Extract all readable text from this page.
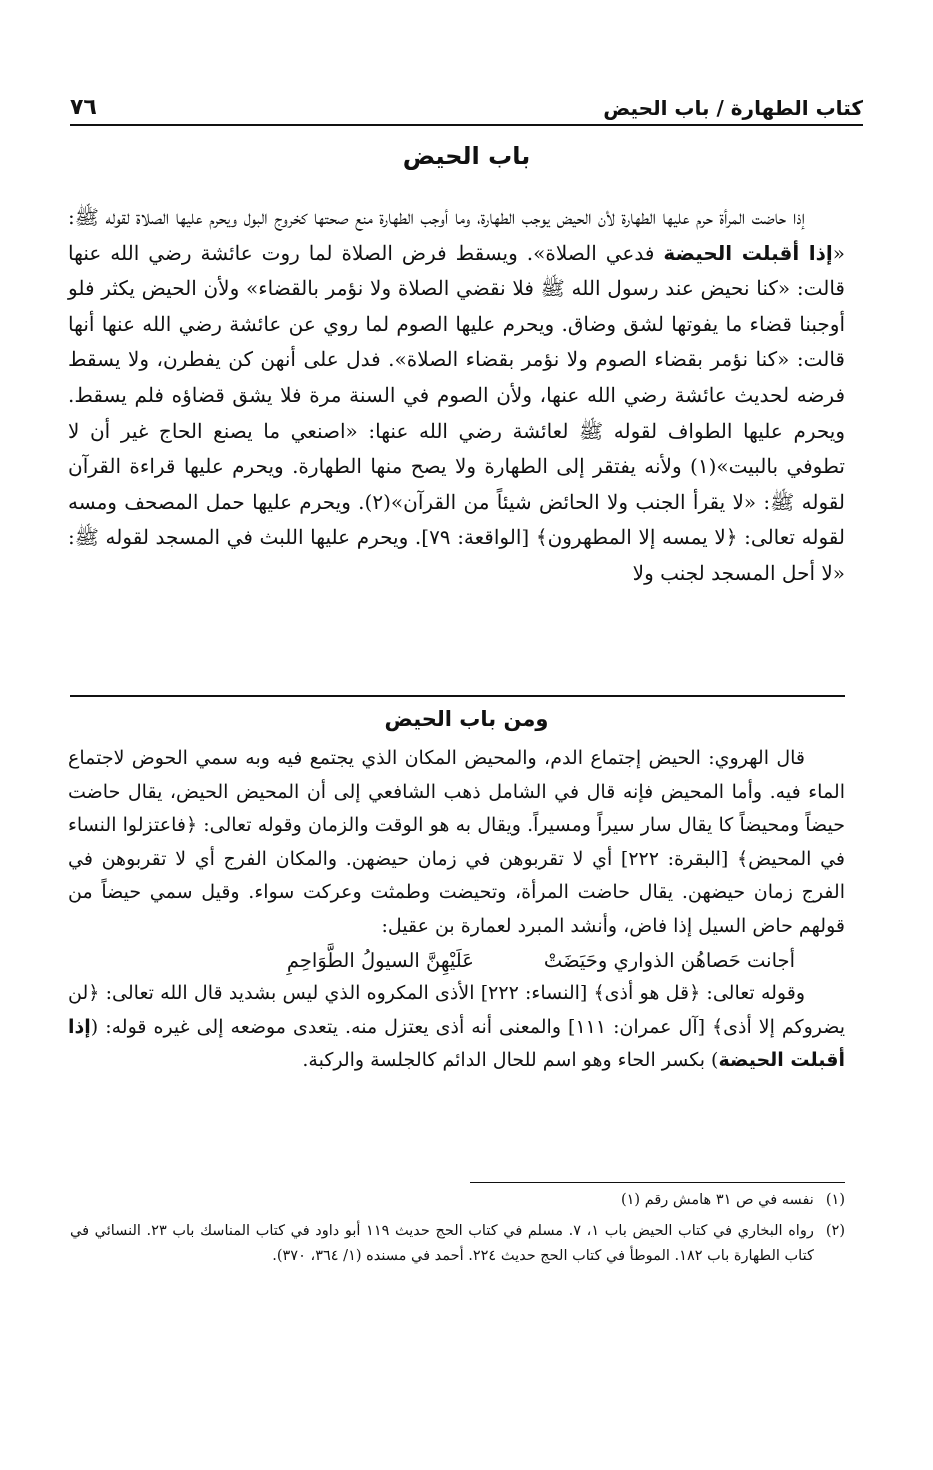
كتاب الطهارة / باب الحيض
٧٦
باب الحيض

إذا حاضت المرأة حرم عليها الطهارة لأن الحيض يوجب الطهارة، وما أوجب الطهارة منع صحتها كخروج البول ويحرم عليها الصلاة لقوله ﷺ: «إذا أقبلت الحيضة فدعي الصلاة». ويسقط فرض الصلاة لما روت عائشة رضي الله عنها قالت: «كنا نحيض عند رسول الله ﷺ فلا نقضي الصلاة ولا نؤمر بالقضاء» ولأن الحيض يكثر فلو أوجبنا قضاء ما يفوتها لشق وضاق. ويحرم عليها الصوم لما روي عن عائشة رضي الله عنها أنها قالت: «كنا نؤمر بقضاء الصوم ولا نؤمر بقضاء الصلاة». فدل على أنهن كن يفطرن، ولا يسقط فرضه لحديث عائشة رضي الله عنها، ولأن الصوم في السنة مرة فلا يشق قضاؤه فلم يسقط. ويحرم عليها الطواف لقوله ﷺ لعائشة رضي الله عنها: «اصنعي ما يصنع الحاج غير أن لا تطوفي بالبيت»(١) ولأنه يفتقر إلى الطهارة ولا يصح منها الطهارة. ويحرم عليها قراءة القرآن لقوله ﷺ: «لا يقرأ الجنب ولا الحائض شيئاً من القرآن»(٢). ويحرم عليها حمل المصحف ومسه لقوله تعالى: ﴿لا يمسه إلا المطهرون﴾ [الواقعة: ٧٩]. ويحرم عليها اللبث في المسجد لقوله ﷺ: «لا أحل المسجد لجنب ولا

ومن باب الحيض

قال الهروي: الحيض إجتماع الدم، والمحيض المكان الذي يجتمع فيه وبه سمي الحوض لاجتماع الماء فيه. وأما المحيض فإنه قال في الشامل ذهب الشافعي إلى أن المحيض الحيض، يقال حاضت حيضاً ومحيضاً كا يقال سار سيراً ومسيراً. ويقال به هو الوقت والزمان وقوله تعالى: ﴿فاعتزلوا النساء في المحيض﴾ [البقرة: ٢٢٢] أي لا تقربوهن في زمان حيضهن. والمكان الفرج أي لا تقربوهن في الفرج زمان حيضهن. يقال حاضت المرأة، وتحيضت وطمثت وعركت سواء. وقيل سمي حيضاً من قولهم حاض السيل إذا فاض، وأنشد المبرد لعمارة بن عقيل:

أجانت حَصاهُن الذواري وحَيَضَتْ
عَلَيْهِنَّ السيولُ الطَّوَاحِمِ

وقوله تعالى: ﴿قل هو أذى﴾ [النساء: ٢٢٢] الأذى المكروه الذي ليس بشديد قال الله تعالى: ﴿لن يضروكم إلا أذى﴾ [آل عمران: ١١١] والمعنى أنه أذى يعتزل منه. يتعدى موضعه إلى غيره قوله: (إذا أقبلت الحيضة) بكسر الحاء وهو اسم للحال الدائم كالجلسة والركبة.

(١)
نفسه في ص ٣١ هامش رقم (١)
(٢)
رواه البخاري في كتاب الحيض باب ١، ٧. مسلم في كتاب الحج حديث ١١٩ أبو داود في كتاب المناسك باب ٢٣. النسائي في كتاب الطهارة باب ١٨٢. الموطأ في كتاب الحج حديث ٢٢٤. أحمد في مسنده (١/ ٣٦٤، ٣٧٠).
